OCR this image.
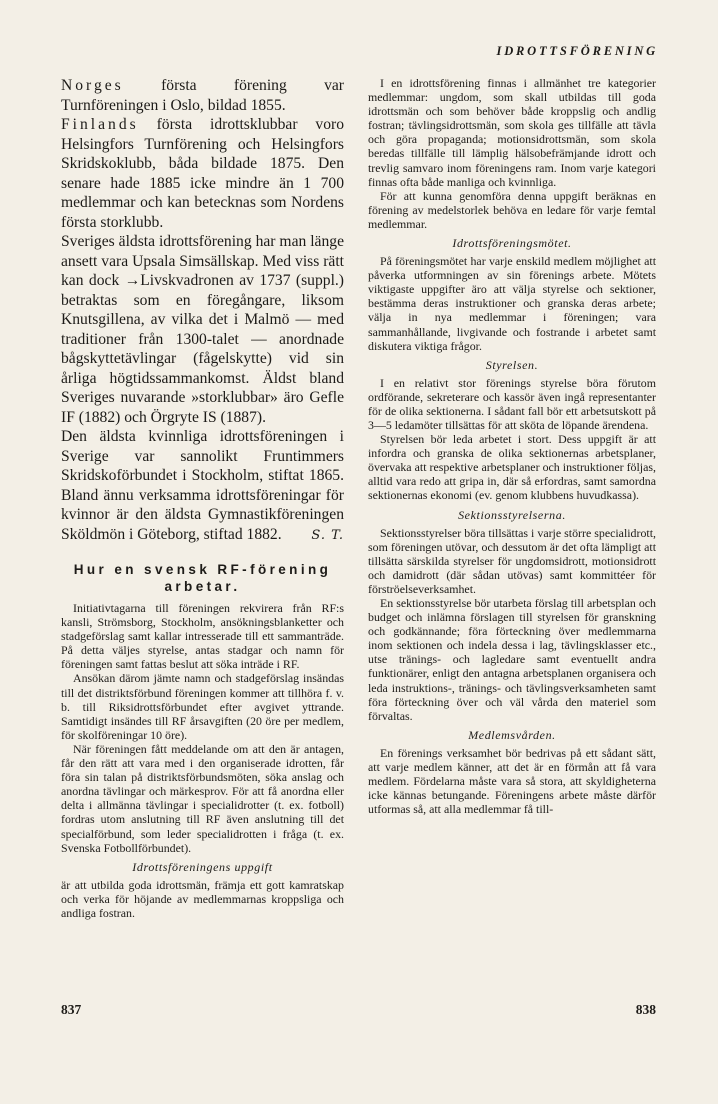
IDROTTSFÖRENING

Norges första förening var Turnföreningen i Oslo, bildad 1855.

Finlands första idrottsklubbar voro Helsingfors Turnförening och Helsingfors Skridskoklubb, båda bildade 1875. Den senare hade 1885 icke mindre än 1 700 medlemmar och kan betecknas som Nordens första storklubb.

Sveriges äldsta idrottsförening har man länge ansett vara Upsala Simsällskap. Med viss rätt kan dock →Livskvadronen av 1737 (suppl.) betraktas som en föregångare, liksom Knutsgillena, av vilka det i Malmö — med traditioner från 1300-talet — anordnade bågskyttetävlingar (fågelskytte) vid sin årliga högtidssammankomst. Äldst bland Sveriges nuvarande »storklubbar» äro Gefle IF (1882) och Örgryte IS (1887).

Den äldsta kvinnliga idrottsföreningen i Sverige var sannolikt Fruntimmers Skridskoförbundet i Stockholm, stiftat 1865. Bland ännu verksamma idrottsföreningar för kvinnor är den äldsta Gymnastikföreningen Sköldmön i Göteborg, stiftad 1882.	S. T.
Hur en svensk RF-förening arbetar.

Initiativtagarna till föreningen rekvirera från RF:s kansli, Strömsborg, Stockholm, ansökningsblanketter och stadgeförslag samt kallar intresserade till ett sammanträde. På detta väljes styrelse, antas stadgar och namn för föreningen samt fattas beslut att söka inträde i RF.

Ansökan därom jämte namn och stadgeförslag insändas till det distriktsförbund föreningen kommer att tillhöra f. v. b. till Riksidrottsförbundet efter avgivet yttrande. Samtidigt insändes till RF årsavgiften (20 öre per medlem, för skolföreningar 10 öre).

När föreningen fått meddelande om att den är antagen, får den rätt att vara med i den organiserade idrotten, får föra sin talan på distriktsförbundsmöten, söka anslag och anordna tävlingar och märkesprov. För att få anordna eller delta i allmänna tävlingar i specialidrotter (t. ex. fotboll) fordras utom anslutning till RF även anslutning till det specialförbund, som leder specialidrotten i fråga (t. ex. Svenska Fotbollförbundet).

Idrottsföreningens uppgift

är att utbilda goda idrottsmän, främja ett gott kamratskap och verka för höjande av medlemmarnas kroppsliga och andliga fostran.

I en idrottsförening finnas i allmänhet tre kategorier medlemmar: ungdom, som skall utbildas till goda idrottsmän och som behöver både kroppslig och andlig fostran; tävlingsidrottsmän, som skola ges tillfälle att tävla och göra propaganda; motionsidrottsmän, som skola beredas tillfälle till lämplig hälsobefrämjande idrott och trevlig samvaro inom föreningens ram. Inom varje kategori finnas ofta både manliga och kvinnliga.

För att kunna genomföra denna uppgift beräknas en förening av medelstorlek behöva en ledare för varje femtal medlemmar.

Idrottsföreningsmötet.

På föreningsmötet har varje enskild medlem möjlighet att påverka utformningen av sin förenings arbete. Mötets viktigaste uppgifter äro att välja styrelse och sektioner, bestämma deras instruktioner och granska deras arbete; välja in nya medlemmar i föreningen; vara sammanhållande, livgivande och fostrande i arbetet samt diskutera viktiga frågor.

Styrelsen.

I en relativt stor förenings styrelse böra förutom ordförande, sekreterare och kassör även ingå representanter för de olika sektionerna. I sådant fall bör ett arbetsutskott på 3—5 ledamöter tillsättas för att sköta de löpande ärendena.

Styrelsen bör leda arbetet i stort. Dess uppgift är att infordra och granska de olika sektionernas arbetsplaner, övervaka att respektive arbetsplaner och instruktioner följas, alltid vara redo att gripa in, där så erfordras, samt samordna sektionernas ekonomi (ev. genom klubbens huvudkassa).

Sektionsstyrelserna.

Sektionsstyrelser böra tillsättas i varje större specialidrott, som föreningen utövar, och dessutom är det ofta lämpligt att tillsätta särskilda styrelser för ungdomsidrott, motionsidrott och damidrott (där sådan utövas) samt kommittéer för förströelseverksamhet.

En sektionsstyrelse bör utarbeta förslag till arbetsplan och budget och inlämna förslagen till styrelsen för granskning och godkännande; föra förteckning över medlemmarna inom sektionen och indela dessa i lag, tävlingsklasser etc., utse tränings- och lagledare samt eventuellt andra funktionärer, enligt den antagna arbetsplanen organisera och leda instruktions-, tränings- och tävlingsverksamheten samt föra förteckning över och väl vårda den materiel som förvaltas.

Medlemsvården.

En förenings verksamhet bör bedrivas på ett sådant sätt, att varje medlem känner, att det är en förmån att få vara medlem. Fördelarna måste vara så stora, att skyldigheterna icke kännas betungande. Föreningens arbete måste därför utformas så, att alla medlemmar få till-

837	838
